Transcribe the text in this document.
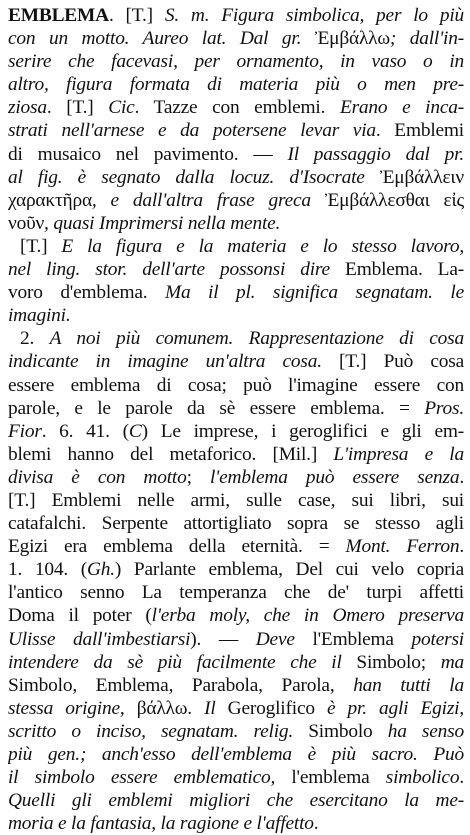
EMBLEMA. [T.] S. m. Figura simbolica, per lo più
con un motto. Aureo lat. Dal gr. Ἐμβάλλω; dall'in-
serire che facevasi, per ornamento, in vaso o in
altro, figura formata di materia più o men pre-
ziosa. [T.] Cic. Tazze con emblemi. Erano e inca-
strati nell'arnese e da potersene levar via. Emblemi
di musaico nel pavimento. — Il passaggio dal pr.
al fig. è segnato dalla locuz. d'Isocrate Ἐμβάλλειν
χαρακτῆρα, e dall'altra frase greca Ἐμβάλλεσθαι εἰς
νοῦν, quasi Imprimersi nella mente.
[T.] E la figura e la materia e lo stesso lavoro,
nel ling. stor. dell'arte possonsi dire Emblema. La-
voro d'emblema. Ma il pl. significa segnatam. le
imagini.
2. A noi più comunem. Rappresentazione di cosa
indicante in imagine un'altra cosa. [T.] Può cosa
essere emblema di cosa; può l'imagine essere con
parole, e le parole da sè essere emblema. = Pros.
Fior. 6. 41. (C) Le imprese, i geroglifici e gli em-
blemi hanno del metaforico. [Mil.] L'impresa e la
divisa è con motto; l'emblema può essere senza.
[T.] Emblemi nelle armi, sulle case, sui libri, sui
catafalchi. Serpente attortigliato sopra se stesso agli
Egizi era emblema della eternità. = Mont. Ferron.
1. 104. (Gh.) Parlante emblema, Del cui velo copria
l'antico senno La temperanza che de' turpi affetti
Doma il poter (l'erba moly, che in Omero preserva
Ulisse dall'imbestiarsi). — Deve l'Emblema potersi
intendere da sè più facilmente che il Simbolo; ma
Simbolo, Emblema, Parabola, Parola, han tutti la
stessa origine, βάλλω. Il Geroglifico è pr. agli Egizi,
scritto o inciso, segnatam. relig. Simbolo ha senso
più gen.; anch'esso dell'emblema è più sacro. Può
il simbolo essere emblematico, l'emblema simbolico.
Quelli gli emblemi migliori che esercitano la me-
moria e la fantasia, la ragione e l'affetto.
